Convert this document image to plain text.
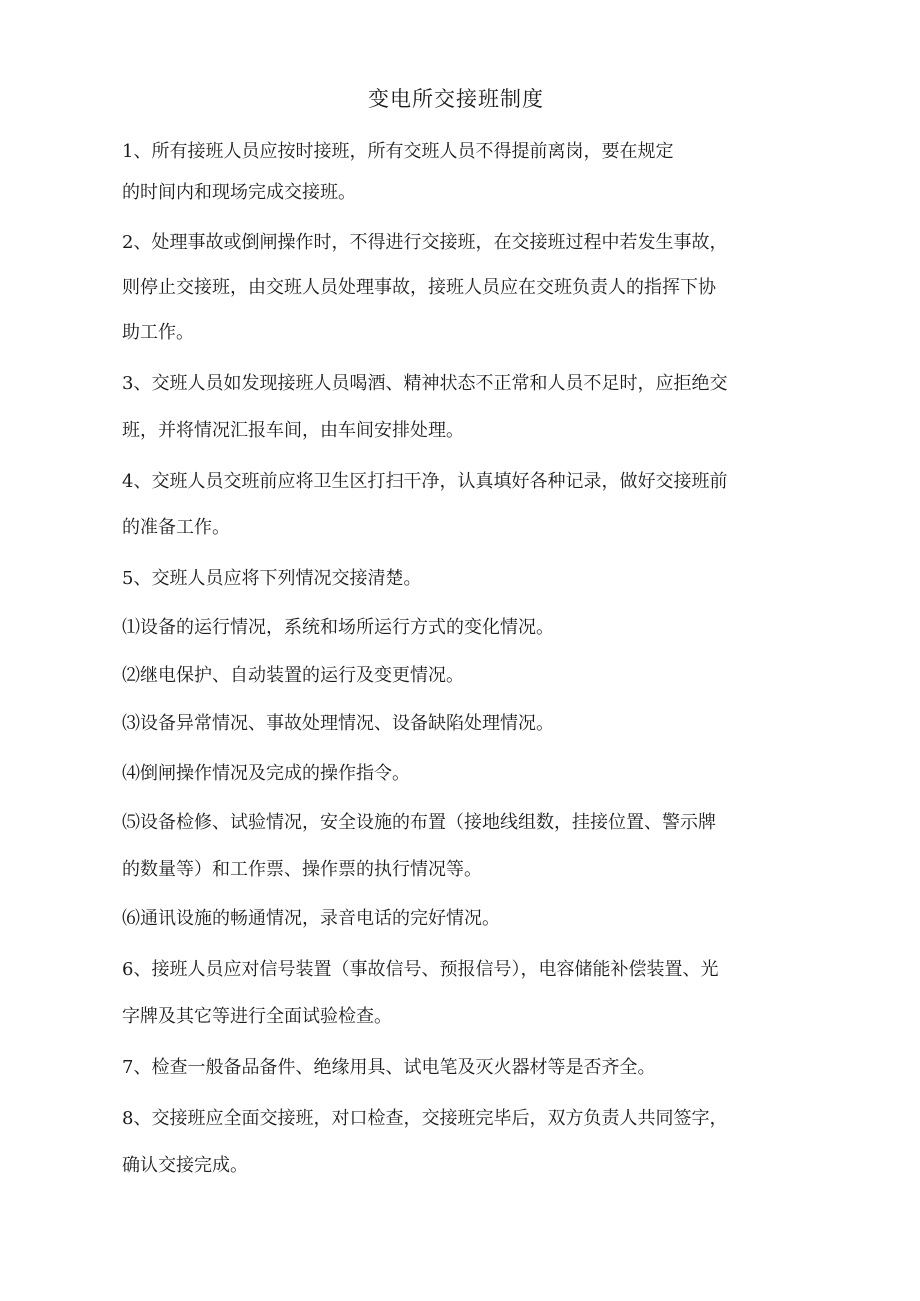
变电所交接班制度
1、所有接班人员应按时接班，所有交班人员不得提前离岗，要在规定
的时间内和现场完成交接班。
2、处理事故或倒闸操作时，不得进行交接班，在交接班过程中若发生事故，
则停止交接班，由交班人员处理事故，接班人员应在交班负责人的指挥下协
助工作。
3、交班人员如发现接班人员喝酒、精神状态不正常和人员不足时，应拒绝交
班，并将情况汇报车间，由车间安排处理。
4、交班人员交班前应将卫生区打扫干净，认真填好各种记录，做好交接班前
的准备工作。
5、交班人员应将下列情况交接清楚。
⑴设备的运行情况，系统和场所运行方式的变化情况。
⑵继电保护、自动装置的运行及变更情况。
⑶设备异常情况、事故处理情况、设备缺陷处理情况。
⑷倒闸操作情况及完成的操作指令。
⑸设备检修、试验情况，安全设施的布置（接地线组数，挂接位置、警示牌
的数量等）和工作票、操作票的执行情况等。
⑹通讯设施的畅通情况，录音电话的完好情况。
6、接班人员应对信号装置（事故信号、预报信号），电容储能补偿装置、光
字牌及其它等进行全面试验检查。
7、检查一般备品备件、绝缘用具、试电笔及灭火器材等是否齐全。
8、交接班应全面交接班，对口检查，交接班完毕后，双方负责人共同签字，
确认交接完成。
